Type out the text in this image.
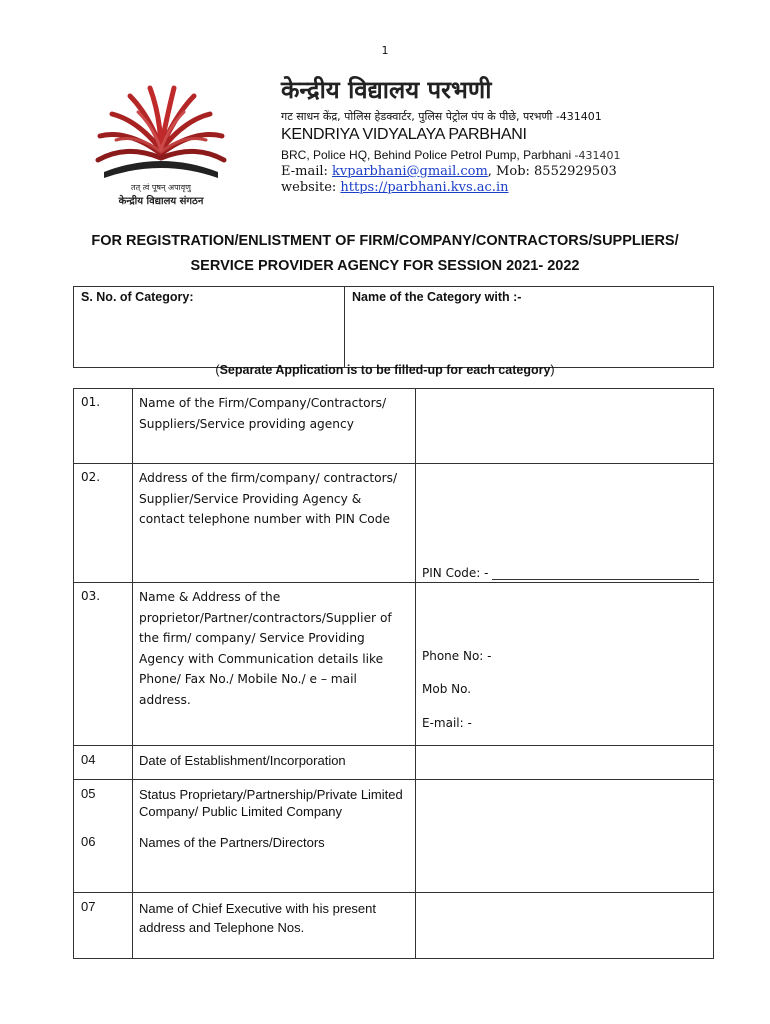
1
तत् त्वं पूषन् अपावृणु
केन्द्रीय विद्यालय संगठन
केन्द्रीय विद्यालय परभणी
गट साधन केंद्र, पोलिस हेडक्वार्टर, पुलिस पेट्रोल पंप के पीछे, परभणी -431401
KENDRIYA VIDYALAYA PARBHANI
BRC, Police HQ, Behind Police Petrol Pump, Parbhani -431401
E-mail: kvparbhani@gmail.com, Mob: 8552929503
website: https://parbhani.kvs.ac.in
FOR REGISTRATION/ENLISTMENT OF FIRM/COMPANY/CONTRACTORS/SUPPLIERS/
SERVICE PROVIDER AGENCY FOR SESSION 2021- 2022
S. No. of Category:	Name of the Category with :-
(Separate Application is to be filled-up for each category)
01.	Name of the Firm/Company/Contractors/ Suppliers/Service providing agency	
02.	Address of the firm/company/ contractors/ Supplier/Service Providing Agency & contact telephone number with PIN Code	PIN Code: -

03.	Name & Address of the proprietor/Partner/contractors/Supplier of the firm/ company/ Service Providing Agency with Communication details like Phone/ Fax No./ Mobile No./ e – mail address.	Phone No: -
Mob No.
E-mail: -

04	Date of Establishment/Incorporation	
05	Status Proprietary/Partnership/Private Limited Company/ Public Limited Company	
06	Names of the Partners/Directors	
07	Name of Chief Executive with his present address and Telephone Nos.	
